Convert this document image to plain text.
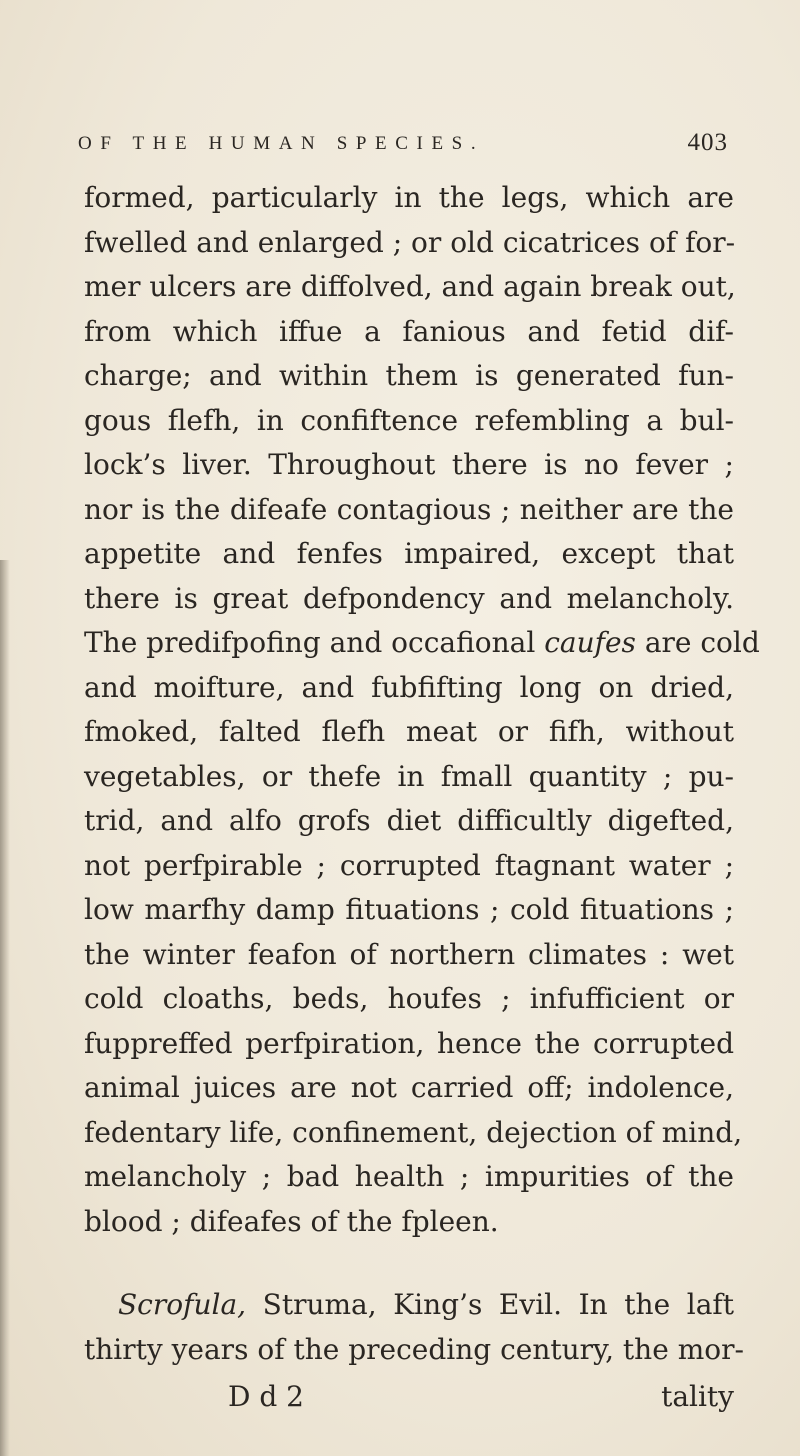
OF THE HUMAN SPECIES.	403
formed, particularly in the legs, which are
fwelled and enlarged ; or old cicatrices of for-
mer ulcers are diffolved, and again break out,
from which iffue a fanious and fetid dif-
charge; and within them is generated fun-
gous flefh, in confiftence refembling a bul-
lock’s liver. Throughout there is no fever ;
nor is the difeafe contagious ; neither are the
appetite and fenfes impaired, except that
there is great defpondency and melancholy.
The predifpofing and occafional caufes are cold
and moifture, and fubfifting long on dried,
fmoked, falted flefh meat or fifh, without
vegetables, or thefe in fmall quantity ; pu-
trid, and alfo grofs diet difficultly digefted,
not perfpirable ; corrupted ftagnant water ;
low marfhy damp fituations ; cold fituations ;
the winter feafon of northern climates : wet
cold cloaths, beds, houfes ; infufficient or
fuppreffed perfpiration, hence the corrupted
animal juices are not carried off; indolence,
fedentary life, confinement, dejection of mind,
melancholy ; bad health ; impurities of the
blood ; difeafes of the fpleen.
Scrofula, Struma, King’s Evil. In the laft
thirty years of the preceding century, the mor-
D d 2	tality
